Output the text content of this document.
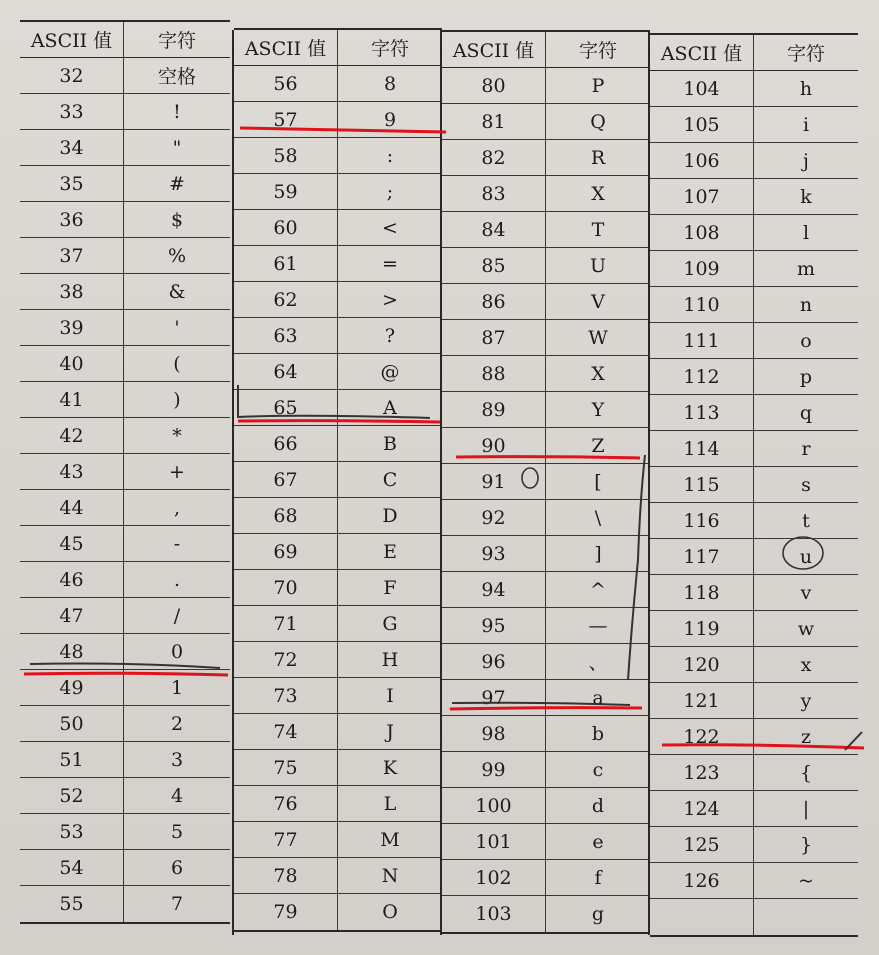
ASCII 值	字符
32	空格
33	!
34	"
35	#
36	$
37	%
38	&
39	'
40	(
41	)
42	*
43	+
44	,
45	-
46	.
47	/
48	0
49	1
50	2
51	3
52	4
53	5
54	6
55	7
ASCII 值	字符
56	8
57	9
58	:
59	;
60	<
61	=
62	>
63	?
64	@
65	A
66	B
67	C
68	D
69	E
70	F
71	G
72	H
73	I
74	J
75	K
76	L
77	M
78	N
79	O
ASCII 值	字符
80	P
81	Q
82	R
83	X
84	T
85	U
86	V
87	W
88	X
89	Y
90	Z
91	[
92	\
93	]
94	^
95	—
96	、
97	a
98	b
99	c
100	d
101	e
102	f
103	g
ASCII 值	字符
104	h
105	i
106	j
107	k
108	l
109	m
110	n
111	o
112	p
113	q
114	r
115	s
116	t
117	u
118	v
119	w
120	x
121	y
122	z
123	{
124	|
125	}
126	~
